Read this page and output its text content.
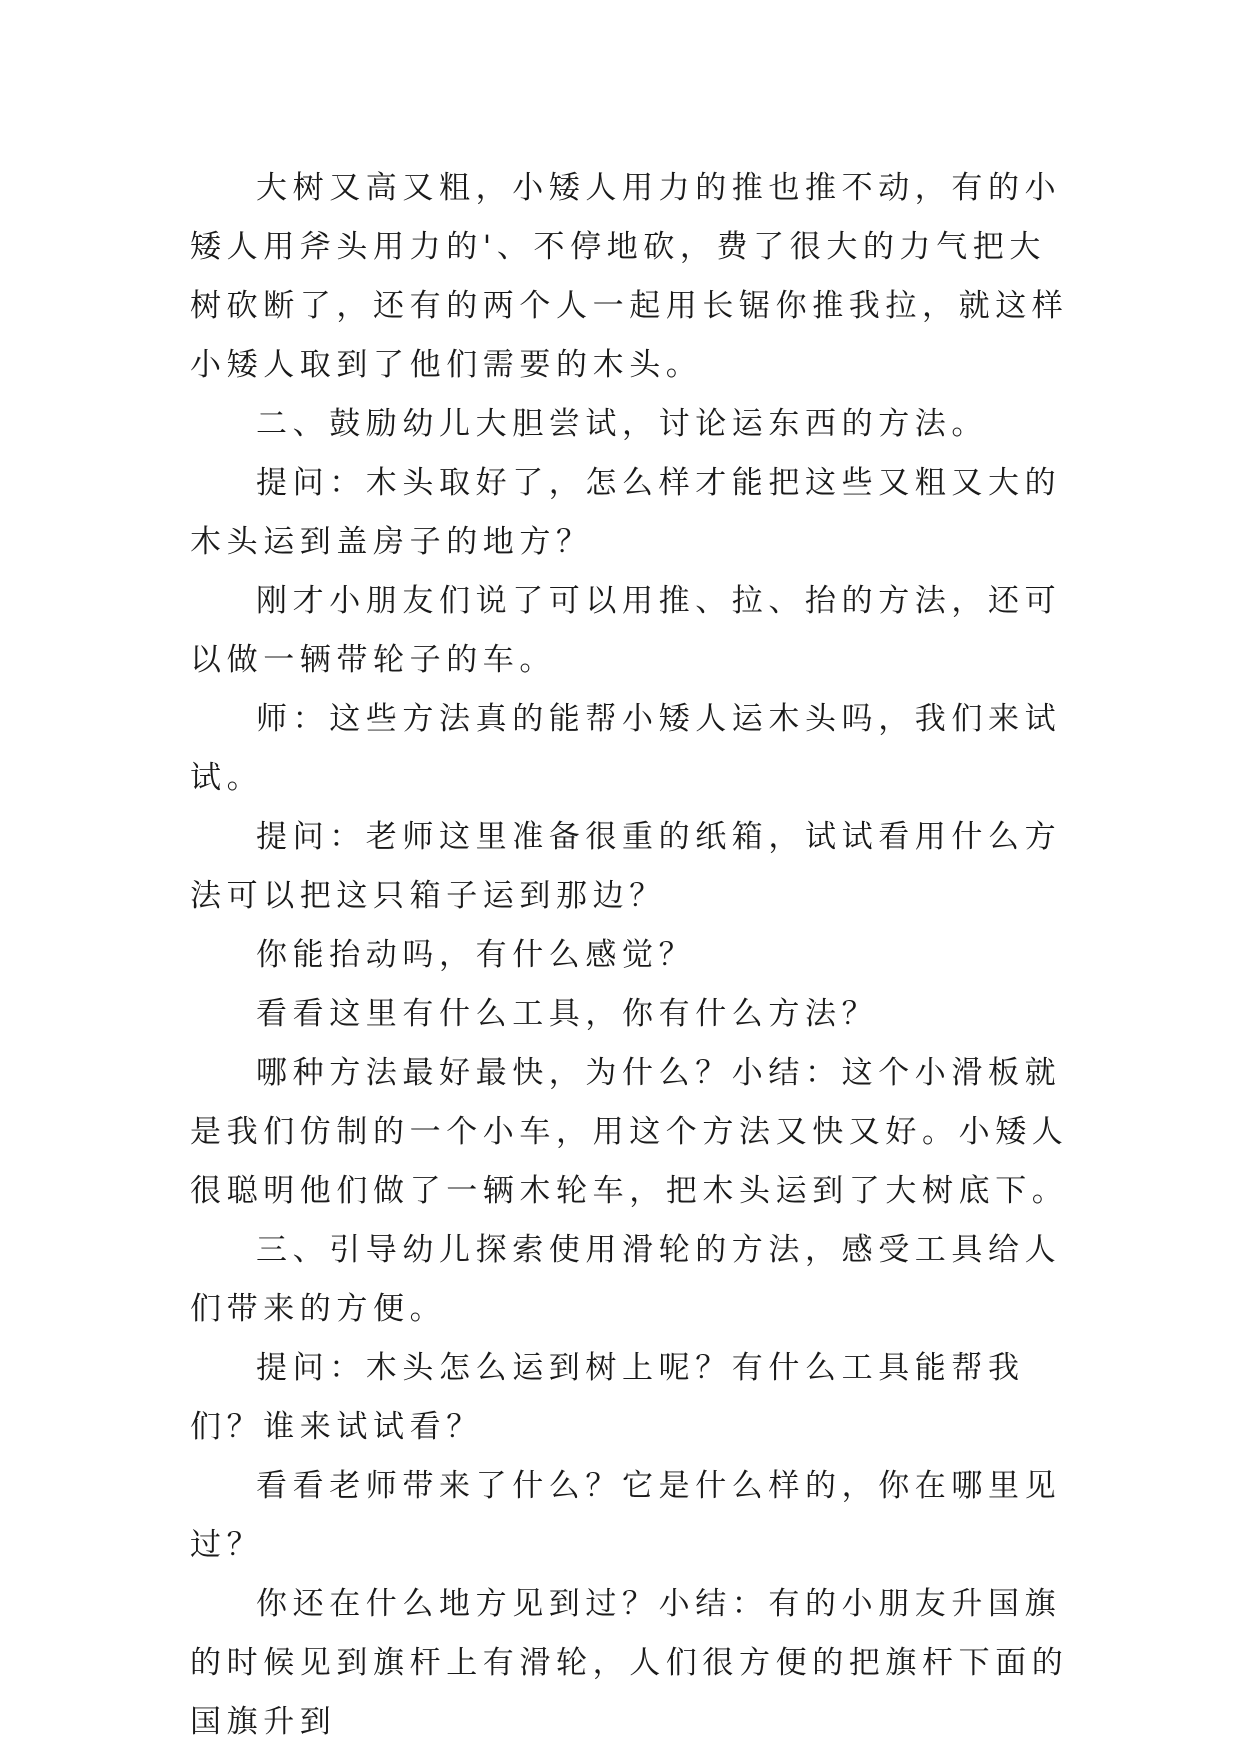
大树又高又粗，小矮人用力的推也推不动，有的小矮人用斧头用力的'、不停地砍，费了很大的力气把大树砍断了，还有的两个人一起用长锯你推我拉，就这样小矮人取到了他们需要的木头。

二、鼓励幼儿大胆尝试，讨论运东西的方法。

提问：木头取好了，怎么样才能把这些又粗又大的木头运到盖房子的地方？

刚才小朋友们说了可以用推、拉、抬的方法，还可以做一辆带轮子的车。

师：这些方法真的能帮小矮人运木头吗，我们来试试。

提问：老师这里准备很重的纸箱，试试看用什么方法可以把这只箱子运到那边？

你能抬动吗，有什么感觉？

看看这里有什么工具，你有什么方法？

哪种方法最好最快，为什么？小结：这个小滑板就是我们仿制的一个小车，用这个方法又快又好。小矮人很聪明他们做了一辆木轮车，把木头运到了大树底下。

三、引导幼儿探索使用滑轮的方法，感受工具给人们带来的方便。

提问：木头怎么运到树上呢？有什么工具能帮我们？谁来试试看？

看看老师带来了什么？它是什么样的，你在哪里见过？

你还在什么地方见到过？小结：有的小朋友升国旗的时候见到旗杆上有滑轮，人们很方便的把旗杆下面的国旗升到
